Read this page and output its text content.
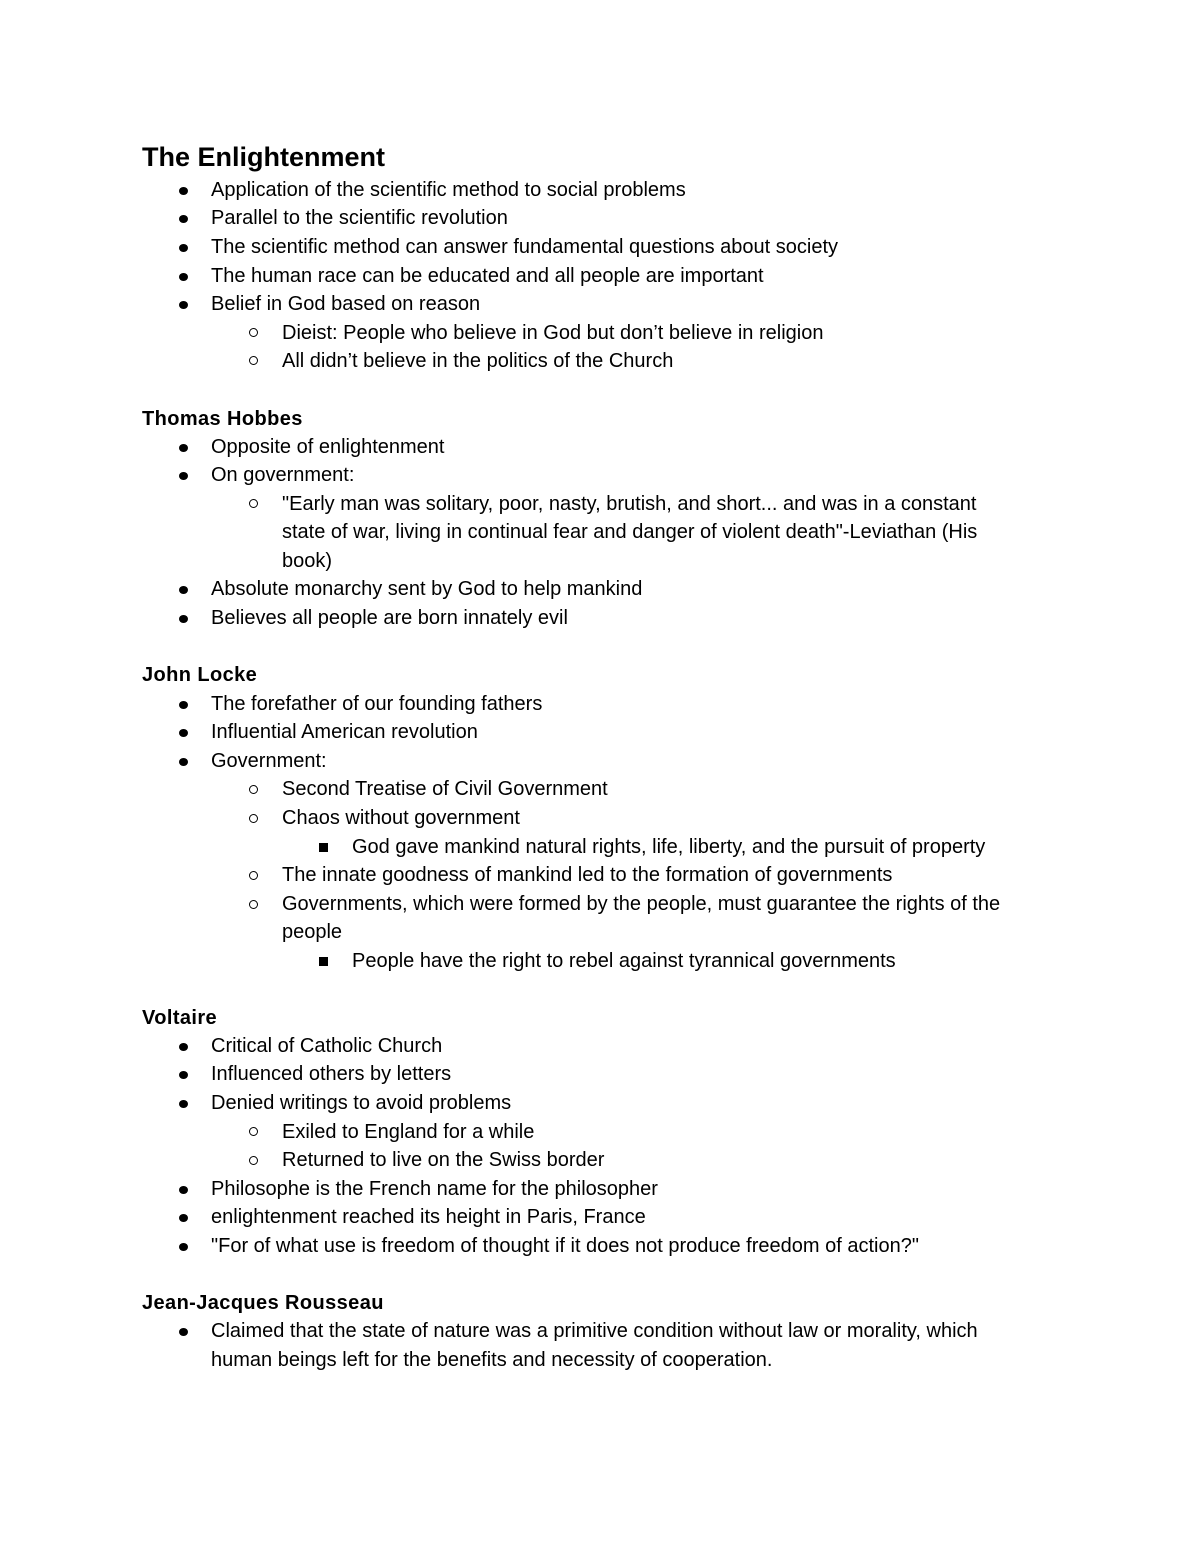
The Enlightenment
Application of the scientific method to social problems
Parallel to the scientific revolution
The scientific method can answer fundamental questions about society
The human race can be educated and all people are important
Belief in God based on reason
Dieist: People who believe in God but don’t believe in religion
All didn’t believe in the politics of the Church
Thomas Hobbes
Opposite of enlightenment
On government:
"Early man was solitary, poor, nasty, brutish, and short... and was in a constant
state of war, living in continual fear and danger of violent death"-Leviathan (His
book)
Absolute monarchy sent by God to help mankind
Believes all people are born innately evil
John Locke
The forefather of our founding fathers
Influential American revolution
Government:
Second Treatise of Civil Government
Chaos without government
God gave mankind natural rights, life, liberty, and the pursuit of property
The innate goodness of mankind led to the formation of governments
Governments, which were formed by the people, must guarantee the rights of the
people
People have the right to rebel against tyrannical governments
Voltaire
Critical of Catholic Church
Influenced others by letters
Denied writings to avoid problems
Exiled to England for a while
Returned to live on the Swiss border
Philosophe is the French name for the philosopher
enlightenment reached its height in Paris, France
"For of what use is freedom of thought if it does not produce freedom of action?"
Jean-Jacques Rousseau
Claimed that the state of nature was a primitive condition without law or morality, which
human beings left for the benefits and necessity of cooperation.
